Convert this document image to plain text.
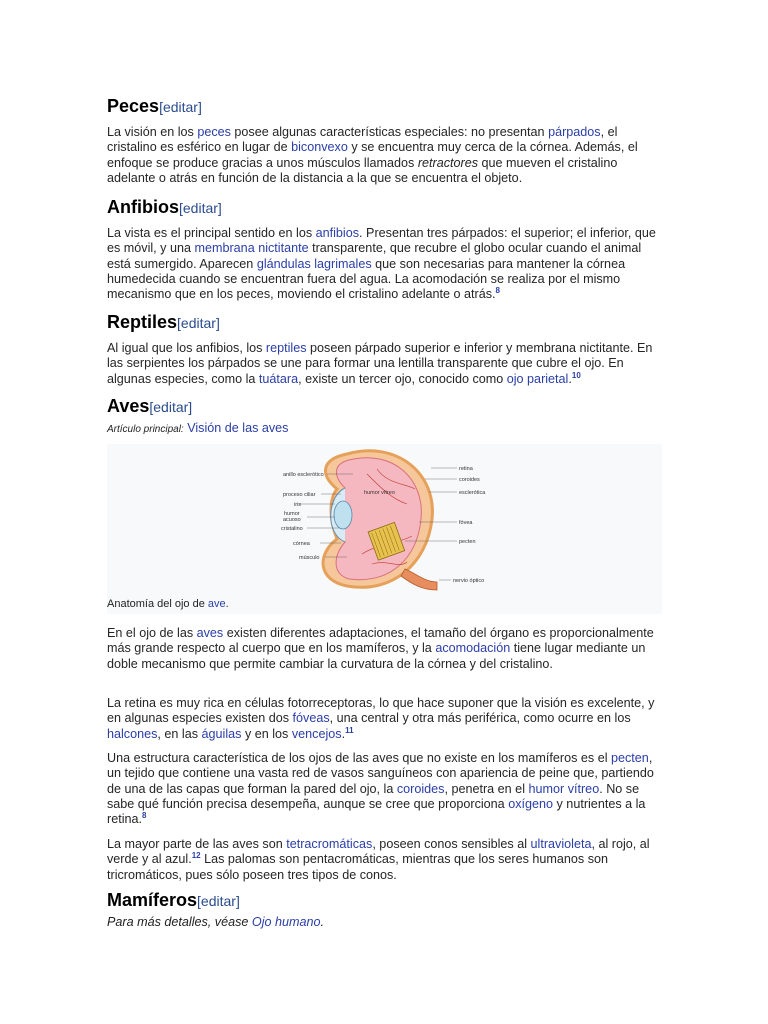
Peces[editar]

La visión en los peces posee algunas características especiales: no presentan párpados, el cristalino es esférico en lugar de biconvexo y se encuentra muy cerca de la córnea. Además, el enfoque se produce gracias a unos músculos llamados retractores que mueven el cristalino adelante o atrás en función de la distancia a la que se encuentra el objeto.

Anfibios[editar]

La vista es el principal sentido en los anfibios. Presentan tres párpados: el superior; el inferior, que es móvil, y una membrana nictitante transparente, que recubre el globo ocular cuando el animal está sumergido. Aparecen glándulas lagrimales que son necesarias para mantener la córnea humedecida cuando se encuentran fuera del agua. La acomodación se realiza por el mismo mecanismo que en los peces, moviendo el cristalino adelante o atrás.$^8$

Reptiles[editar]

Al igual que los anfibios, los reptiles poseen párpado superior e inferior y membrana nictitante. En las serpientes los párpados se une para formar una lentilla transparente que cubre el ojo. En algunas especies, como la tuátara, existe un tercer ojo, conocido como ojo parietal.$^{10}$

Aves[editar]
Artículo principal: Visión de las aves
anillo esclerótico
proceso ciliar
iris
humor
acuoso
cristalino
córnea
músculo
humor vítreo
retina
coroides
esclerótica
fóvea
pecten
nervio óptico
Anatomía del ojo de ave.

En el ojo de las aves existen diferentes adaptaciones, el tamaño del órgano es proporcionalmente más grande respecto al cuerpo que en los mamíferos, y la acomodación tiene lugar mediante un doble mecanismo que permite cambiar la curvatura de la córnea y del cristalino.

La retina es muy rica en células fotorreceptoras, lo que hace suponer que la visión es excelente, y en algunas especies existen dos fóveas, una central y otra más periférica, como ocurre en los halcones, en las águilas y en los vencejos.$^{11}$

Una estructura característica de los ojos de las aves que no existe en los mamíferos es el pecten, un tejido que contiene una vasta red de vasos sanguíneos con apariencia de peine que, partiendo de una de las capas que forman la pared del ojo, la coroides, penetra en el humor vítreo. No se sabe qué función precisa desempeña, aunque se cree que proporciona oxígeno y nutrientes a la retina.$^8$

La mayor parte de las aves son tetracromáticas, poseen conos sensibles al ultravioleta, al rojo, al verde y al azul.$^{12}$ Las palomas son pentacromáticas, mientras que los seres humanos son tricromáticos, pues sólo poseen tres tipos de conos.

Mamíferos[editar]
Para más detalles, véase Ojo humano.
